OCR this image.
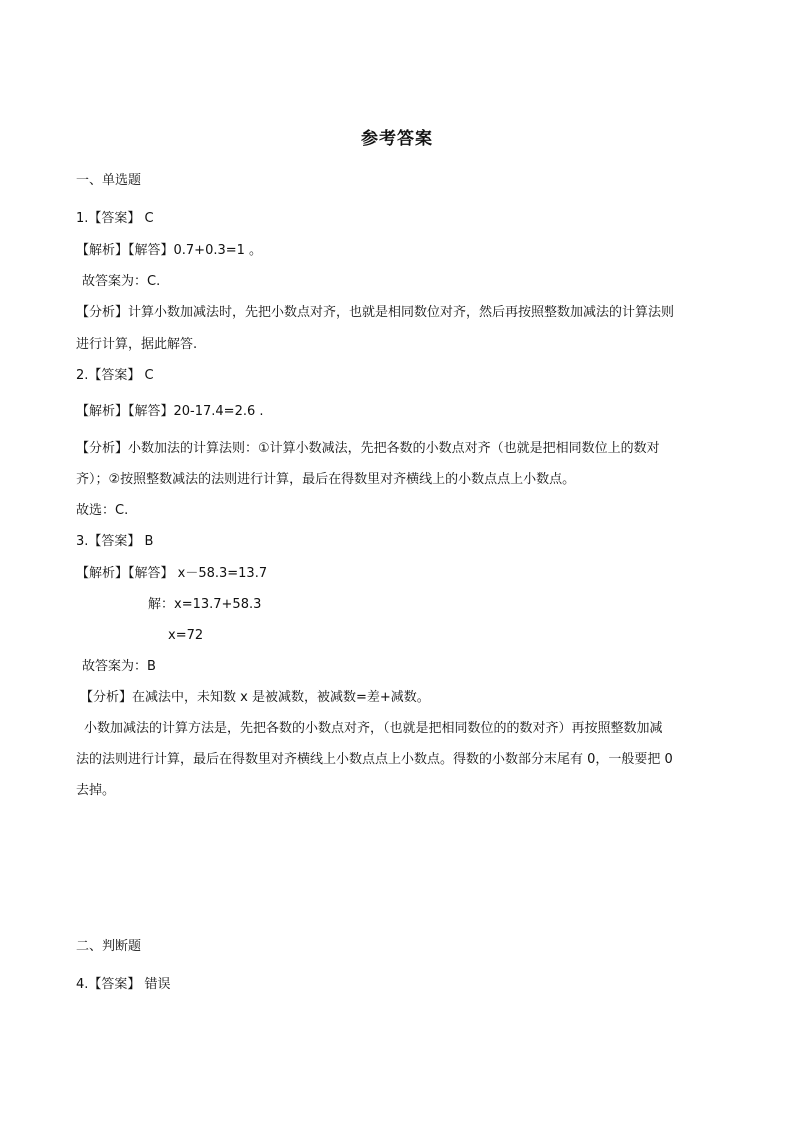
参考答案
一、单选题
1.【答案】 C
【解析】【解答】0.7+0.3=1 。
故答案为：C.
【分析】计算小数加减法时，先把小数点对齐，也就是相同数位对齐，然后再按照整数加减法的计算法则
进行计算，据此解答.
2.【答案】 C
【解析】【解答】20-17.4=2.6 .
【分析】小数加法的计算法则：①计算小数减法，先把各数的小数点对齐（也就是把相同数位上的数对
齐）；②按照整数减法的法则进行计算，最后在得数里对齐横线上的小数点点上小数点。
故选：C.
3.【答案】 B
【解析】【解答】 x－58.3=13.7
解：x=13.7+58.3
x=72
故答案为：B
【分析】在减法中，未知数 x 是被减数，被减数=差+减数。
小数加减法的计算方法是，先把各数的小数点对齐，（也就是把相同数位的的数对齐）再按照整数加减
法的法则进行计算，最后在得数里对齐横线上小数点点上小数点。得数的小数部分末尾有 0，一般要把 0
去掉。
二、判断题
4.【答案】 错误
